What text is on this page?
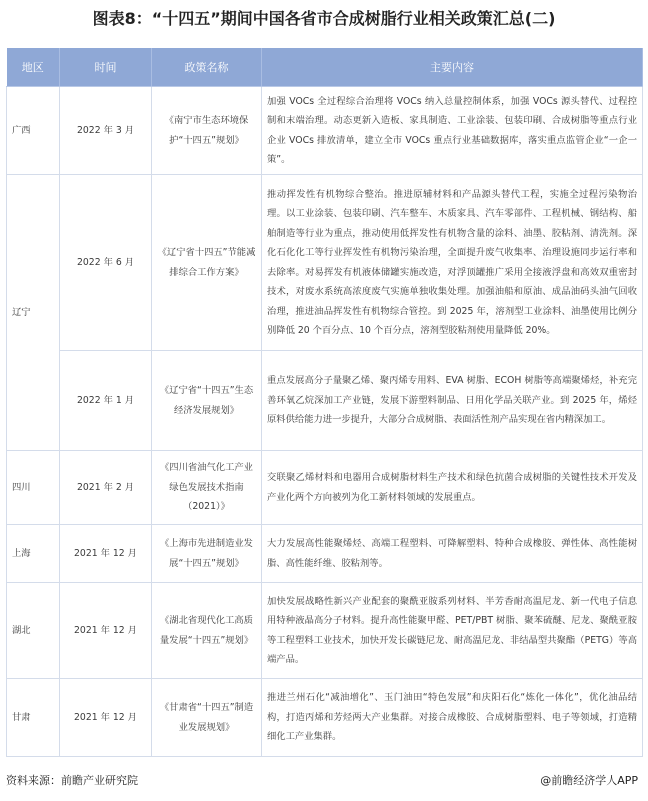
图表8：“十四五”期间中国各省市合成树脂行业相关政策汇总(二)
地区	时间	政策名称	主要内容
广西	2022 年 3 月	《南宁市生态环境保护“十四五”规划》	加强 VOCs 全过程综合治理将 VOCs 纳入总量控制体系，加强 VOCs 源头替代、过程控制和末端治理。动态更新入造板、家具制造、工业涂装、包装印刷、合成树脂等重点行业企业 VOCs 排放清单，建立全市 VOCs 重点行业基础数据库，落实重点监管企业“一企一策”。
辽宁	2022 年 6 月	《辽宁省十四五”节能减排综合工作方案》	推动挥发性有机物综合整治。推进原辅材料和产品源头替代工程，实施全过程污染物治理。以工业涂装、包装印刷、汽车整车、木质家具、汽车零部件、工程机械、钢结构、船舶制造等行业为重点，推动使用低挥发性有机物含量的涂料、油墨、胶粘剂、清洗剂。深化石化化工等行业挥发性有机物污染治理，全面提升废气收集率、治理设施同步运行率和去除率。对易挥发有机液体储罐实施改造，对浮顶罐推广采用全接液浮盘和高效双重密封技术，对废水系统高浓度废气实施单独收集处理。加强油船和原油、成品油码头油气回收治理，推进油品挥发性有机物综合管控。到 2025 年，溶剂型工业涂料、油墨使用比例分别降低 20 个百分点、10 个百分点，溶剂型胶粘剂使用量降低 20%。
	2022 年 1 月	《辽宁省“十四五”生态经济发展规划》	重点发展高分子量聚乙烯、聚丙烯专用料、EVA 树脂、ECOH 树脂等高端聚烯烃，补充完善环氧乙烷深加工产业链，发展下游塑料制品、日用化学品关联产业。到 2025 年，烯烃原料供给能力进一步提升，大部分合成树脂、表面活性剂产品实现在省内精深加工。
四川	2021 年 2 月	《四川省油气化工产业绿色发展技术指南（2021）》	交联聚乙烯材料和电器用合成树脂材料生产技术和绿色抗菌合成树脂的关键性技术开发及产业化两个方向被列为化工新材料领域的发展重点。
上海	2021 年 12 月	《上海市先进制造业发展“十四五”规划》	大力发展高性能聚烯烃、高端工程塑料、可降解塑料、特种合成橡胶、弹性体、高性能树脂、高性能纤维、胶粘剂等。
湖北	2021 年 12 月	《湖北省现代化工高质量发展“十四五”规划》	加快发展战略性新兴产业配套的聚酰亚胺系列材料、半芳香耐高温尼龙、新一代电子信息用特种液晶高分子材料。提升高性能聚甲醛、PET/PBT 树脂、聚苯硫醚、尼龙、聚酰亚胺等工程塑料工业技术，加快开发长碳链尼龙、耐高温尼龙、非结晶型共聚酯（PETG）等高端产品。
甘肃	2021 年 12 月	《甘肃省“十四五”制造业发展规划》	推进兰州石化“减油增化”、玉门油田“特色发展”和庆阳石化“炼化一体化”，优化油品结构，打造丙烯和芳烃两大产业集群。对接合成橡胶、合成树脂塑料、电子等领域，打造精细化工产业集群。
资料来源：前瞻产业研究院	@前瞻经济学人APP
